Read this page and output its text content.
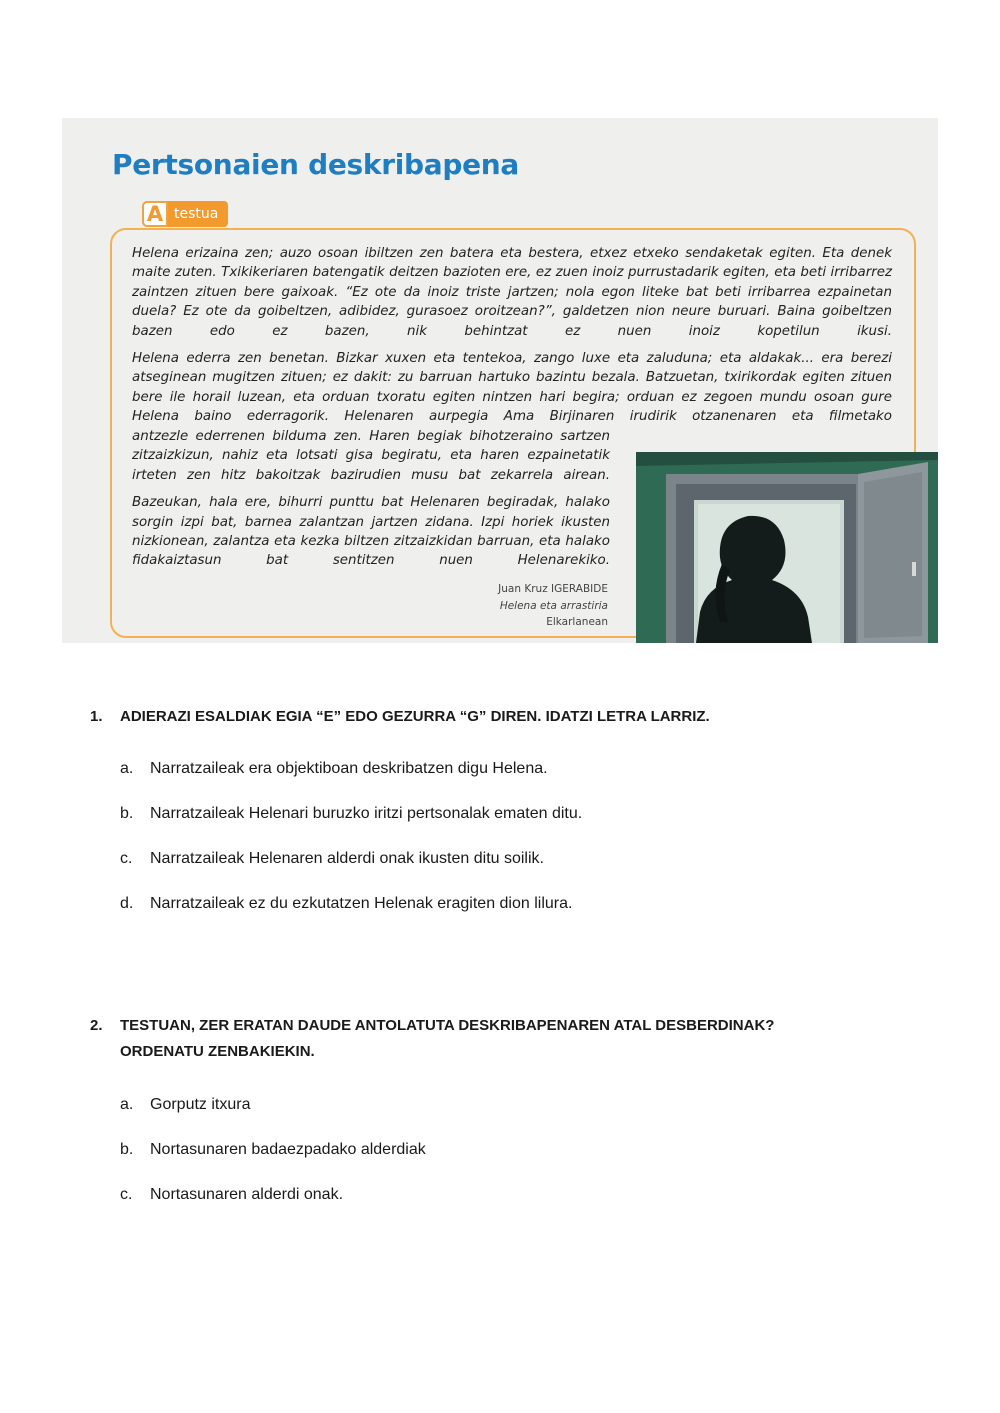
Pertsonaien deskribapena
A testua

Helena erizaina zen; auzo osoan ibiltzen zen batera eta bestera, etxez etxeko sendaketak egiten. Eta denek maite zuten. Txikikeriaren batengatik deitzen bazioten ere, ez zuen inoiz purrustadarik egiten, eta beti irribarrez zaintzen zituen bere gaixoak. “Ez ote da inoiz triste jartzen; nola egon liteke bat beti irribarrea ezpainetan duela? Ez ote da goibeltzen, adibidez, gurasoez oroitzean?”, galdetzen nion neure buruari. Baina goibeltzen bazen edo ez bazen, nik behintzat ez nuen inoiz kopetilun ikusi.

Helena ederra zen benetan. Bizkar xuxen eta tentekoa, zango luxe eta zaluduna; eta aldakak... era berezi atseginean mugitzen zituen; ez dakit: zu barruan hartuko bazintu bezala. Batzuetan, txirikordak egiten zituen bere ile horail luzean, eta orduan txoratu egiten nintzen hari begira; orduan ez zegoen mundu osoan gure Helena baino ederragorik. Helenaren aurpegia Ama Birjinaren irudirik otzanenaren eta filmetako

antzezle ederrenen bilduma zen. Haren begiak bihotzeraino sartzen zitzaizkizun, nahiz eta lotsati gisa begiratu, eta haren ezpainetatik irteten zen hitz bakoitzak bazirudien musu bat zekarrela airean.

Bazeukan, hala ere, bihurri punttu bat Helenaren begiradak, halako sorgin izpi bat, barnea zalantzan jartzen zidana. Izpi horiek ikusten nizkionean, zalantza eta kezka biltzen zitzaizkidan barruan, eta halako fidakaiztasun bat sentitzen nuen Helenarekiko.

Juan Kruz IGERABIDE
Helena eta arrastiria
Elkarlanean
1. ADIERAZI ESALDIAK EGIA “E” EDO GEZURRA “G” DIREN. IDATZI LETRA LARRIZ.
a. Narratzaileak era objektiboan deskribatzen digu Helena.
b. Narratzaileak Helenari buruzko iritzi pertsonalak ematen ditu.
c. Narratzaileak Helenaren alderdi onak ikusten ditu soilik.
d. Narratzaileak ez du ezkutatzen Helenak eragiten dion lilura.
2. TESTUAN, ZER ERATAN DAUDE ANTOLATUTA DESKRIBAPENAREN ATAL DESBERDINAK? ORDENATU ZENBAKIEKIN.
a. Gorputz itxura
b. Nortasunaren badaezpadako alderdiak
c. Nortasunaren alderdi onak.
